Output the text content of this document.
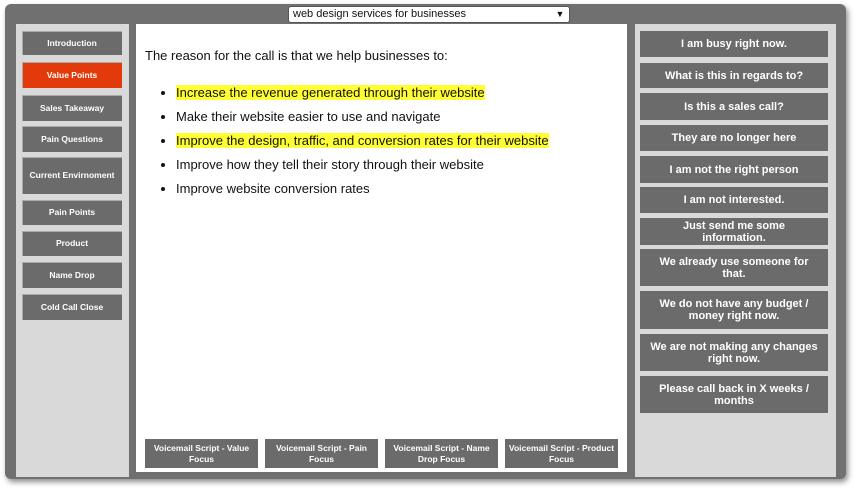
web design services for businesses	▼
Introduction
Value Points
Sales Takeaway
Pain Questions
Current Envirnoment
Pain Points
Product
Name Drop
Cold Call Close
The reason for the call is that we help businesses to:
• Increase the revenue generated through their website
• Make their website easier to use and navigate
• Improve the design, traffic, and conversion rates for their website
• Improve how they tell their story through their website
• Improve website conversion rates
Voicemail Script - Value Focus
Voicemail Script - Pain Focus
Voicemail Script - Name Drop Focus
Voicemail Script - Product Focus
I am busy right now.
What is this in regards to?
Is this a sales call?
They are no longer here
I am not the right person
I am not interested.
Just send me some information.
We already use someone for that.
We do not have any budget / money right now.
We are not making any changes right now.
Please call back in X weeks / months
